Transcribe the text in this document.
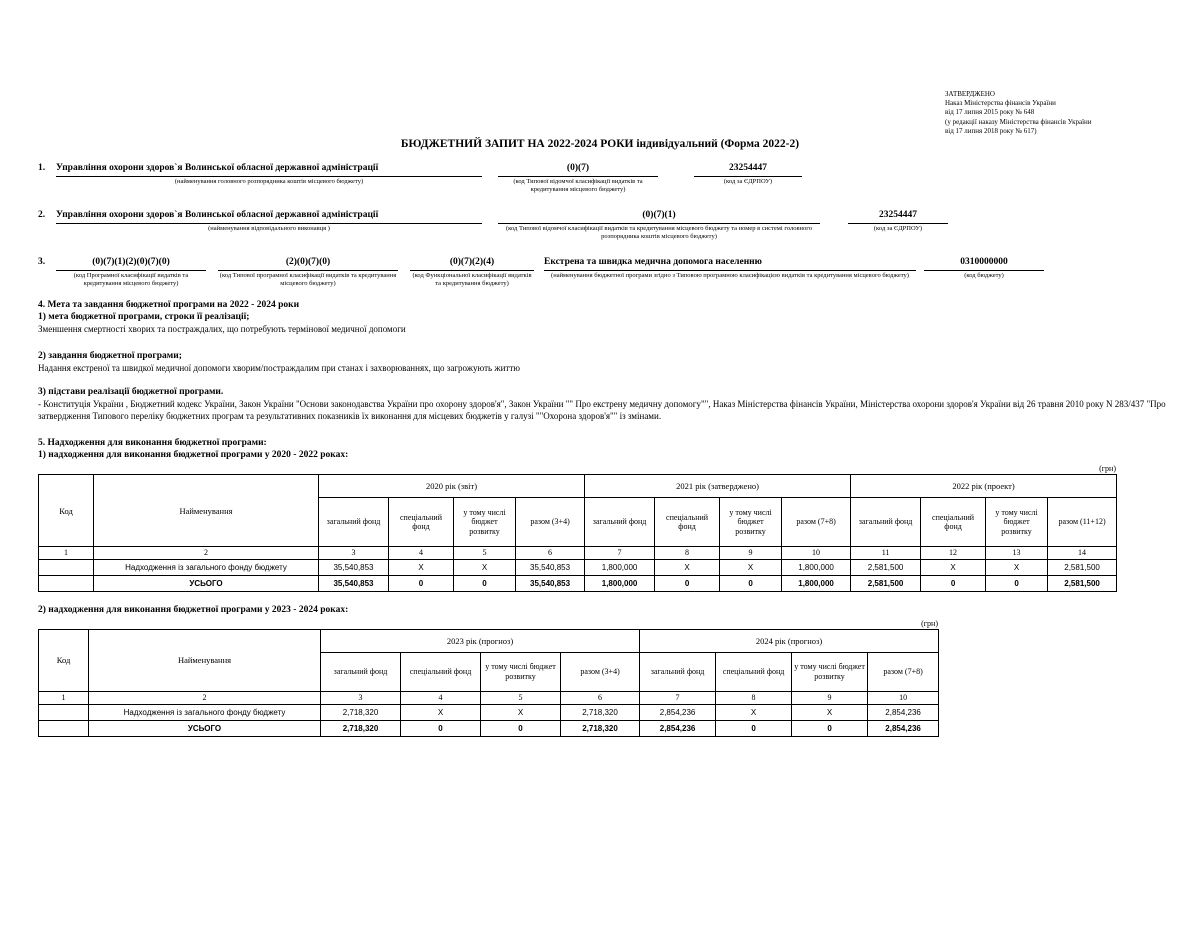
ЗАТВЕРДЖЕНО
Наказ Міністерства фінансів України
від 17 липня 2015 року № 648
(у редакції наказу Міністерства фінансів України
від 17 липня 2018 року № 617)
БЮДЖЕТНИЙ ЗАПИТ НА 2022-2024 РОКИ індивідуальний (Форма 2022-2)
1.	Управління охорони здоров`я Волинської обласної державної адміністрації
(найменування головного розпорядника коштів місцевого бюджету)
(0)(7)
(код Типової відомчої класифікації видатків та кредитування місцевого бюджету)
23254447
(код за ЄДРПОУ)
2.	Управління охорони здоров`я Волинської обласної державної адміністрації
(найменування відповідального виконавця )
(0)(7)(1)
(код Типової відомчої класифікації видатків та кредитування місцевого бюджету та номер в системі головного розпорядника коштів місцевого бюджету)
23254447
(код за ЄДРПОУ)
3.	(0)(7)(1)(2)(0)(7)(0)
(код Програмної класифікації видатків та кредитування місцевого бюджету)
(2)(0)(7)(0)
(код Типової програмної класифікації видатків та кредитування місцевого бюджету)
(0)(7)(2)(4)
(код Функціональної класифікації видатків та кредитування бюджету)
Екстрена та швидка медична допомога населенню
(найменування бюджетної програми згідно з Типовою програмною класифікацією видатків та кредитування місцевого бюджету)
0310000000
(код бюджету)
4. Мета та завдання бюджетної програми на 2022 - 2024 роки
1) мета бюджетної програми, строки її реалізації;
Зменшення смертності хворих та постраждалих, що потребують термінової медичної допомоги
2) завдання бюджетної програми;
Надання екстреної та швидкої медичної допомоги хворим/постраждалим при станах і захворюваннях, що загрожують життю
3) підстави реалізації бюджетної програми.
- Конституція України , Бюджетний кодекс України, Закон України "Основи законодавства України про охорону здоров'я", Закон України "" Про екстрену медичну допомогу"", Наказ Міністерства фінансів України, Міністерства охорони здоров'я України від 26 травня 2010 року N 283/437 "Про затвердження Типового переліку бюджетних програм та результативних показників їх виконання для місцевих бюджетів у галузі ""Охорона здоров'я"" із змінами.
5. Надходження для виконання бюджетної програми:
1) надходження для виконання бюджетної програми у 2020 - 2022 роках:
(грн)
Код	Найменування	2020 рік (звіт)				2021 рік (затверджено)				2022 рік (проект)			
		загальний фонд	спеціальний фонд	у тому числі бюджет розвитку	разом (3+4)	загальний фонд	спеціальний фонд	у тому числі бюджет розвитку	разом (7+8)	загальний фонд	спеціальний фонд	у тому числі бюджет розвитку	разом (11+12)
1	2	3	4	5	6	7	8	9	10	11	12	13	14
	Надходження із загального фонду бюджету	35,540,853	X	X	35,540,853	1,800,000	X	X	1,800,000	2,581,500	X	X	2,581,500
	УСЬОГО	35,540,853	0	0	35,540,853	1,800,000	0	0	1,800,000	2,581,500	0	0	2,581,500
2) надходження для виконання бюджетної програми у 2023 - 2024 роках:
(грн)
Код	Найменування	2023 рік (прогноз)				2024 рік (прогноз)			
		загальний фонд	спеціальний фонд	у тому числі бюджет розвитку	разом (3+4)	загальний фонд	спеціальний фонд	у тому числі бюджет розвитку	разом (7+8)
1	2	3	4	5	6	7	8	9	10
	Надходження із загального фонду бюджету	2,718,320	X	X	2,718,320	2,854,236	X	X	2,854,236
	УСЬОГО	2,718,320	0	0	2,718,320	2,854,236	0	0	2,854,236
